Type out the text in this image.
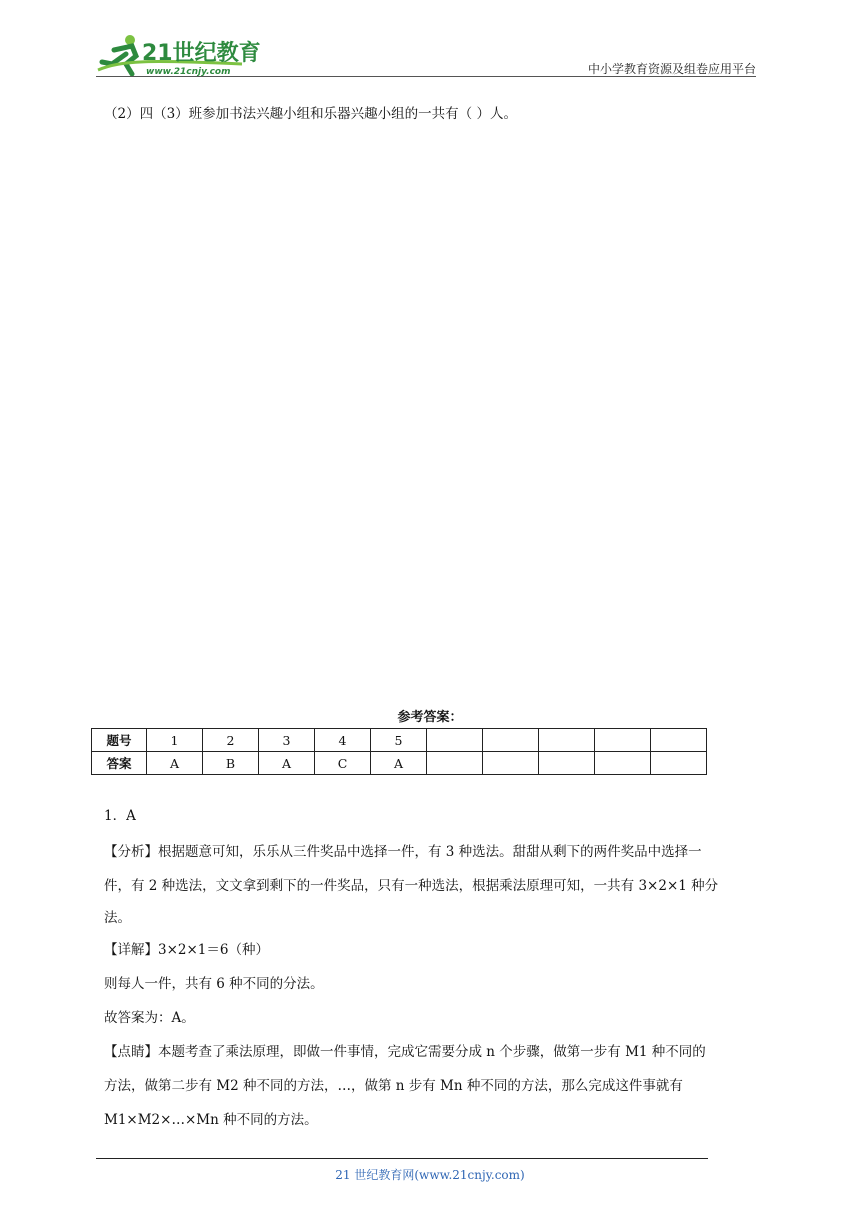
21世纪教育
www.21cnjy.com	中小学教育资源及组卷应用平台
（2）四（3）班参加书法兴趣小组和乐器兴趣小组的一共有（ ）人。
参考答案：
题号	1	2	3	4	5					
答案	A	B	A	C	A					
1．A
【分析】根据题意可知，乐乐从三件奖品中选择一件，有 3 种选法。甜甜从剩下的两件奖品中选择一
件，有 2 种选法，文文拿到剩下的一件奖品，只有一种选法，根据乘法原理可知，一共有 3×2×1 种分
法。
【详解】3×2×1＝6（种）
则每人一件，共有 6 种不同的分法。
故答案为：A。
【点睛】本题考查了乘法原理，即做一件事情，完成它需要分成 n 个步骤，做第一步有 M1 种不同的
方法，做第二步有 M2 种不同的方法，…，做第 n 步有 Mn 种不同的方法，那么完成这件事就有
M1×M2×…×Mn 种不同的方法。
21 世纪教育网(www.21cnjy.com)
